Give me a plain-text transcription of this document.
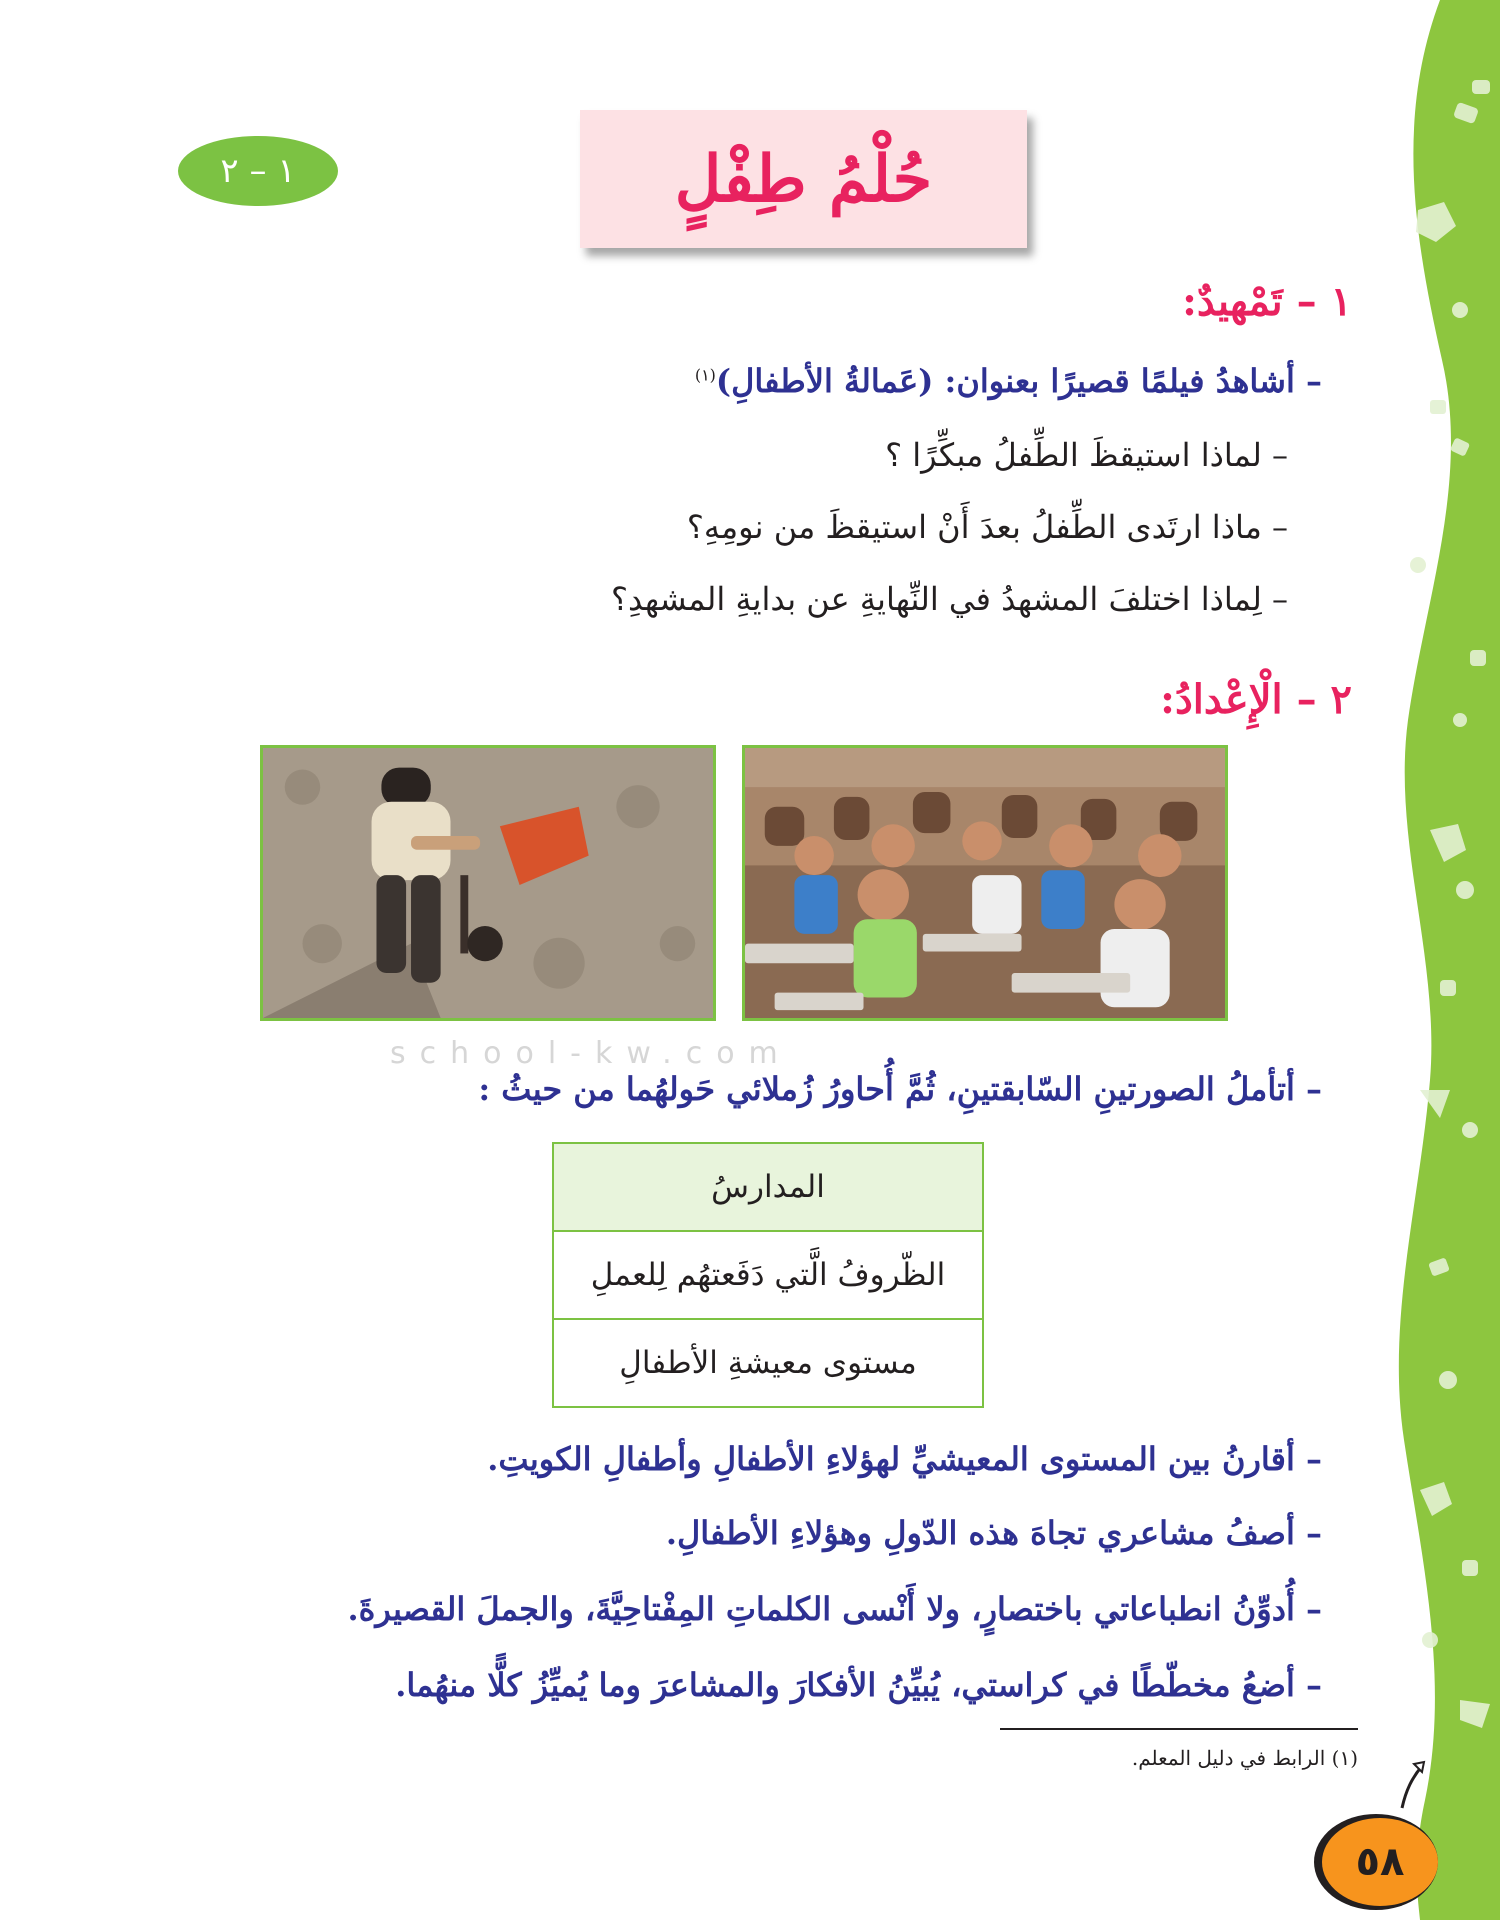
١ – ٢	حُلْمُ طِفْلٍ
١ – تَمْهيدٌ:
– أشاهدُ فيلمًا قصيرًا بعنوان: (عَمالةُ الأطفالِ)$^{(١)}$
– لماذا استيقظَ الطِّفلُ مبكِّرًا ؟
– ماذا ارتَدى الطِّفلُ بعدَ أَنْ استيقظَ من نومِهِ؟
– لِماذا اختلفَ المشهدُ في النِّهايةِ عن بدايةِ المشهدِ؟
٢ – الْإِعْدادُ:
school-kw.com
– أتأملُ الصورتينِ السّابقتينِ، ثُمَّ أُحاورُ زُملائي حَولهُما من حيثُ :
المدارسُ
الظّروفُ الَّتي دَفَعتهُم لِلعملِ
مستوى معيشةِ الأطفالِ
– أقارنُ بين المستوى المعيشيِّ لهؤلاءِ الأطفالِ وأطفالِ الكويتِ.
– أصفُ مشاعري تجاهَ هذه الدّولِ وهؤلاءِ الأطفالِ.
– أُدوِّنُ انطباعاتي باختصارٍ، ولا أَنْسى الكلماتِ المِفْتاحِيَّةَ، والجملَ القصيرةَ.
– أضعُ مخطّطًا في كراستي، يُبيِّنُ الأفكارَ والمشاعرَ وما يُميِّزُ كلًّا منهُما.
(١) الرابط في دليل المعلم.
٥٨
